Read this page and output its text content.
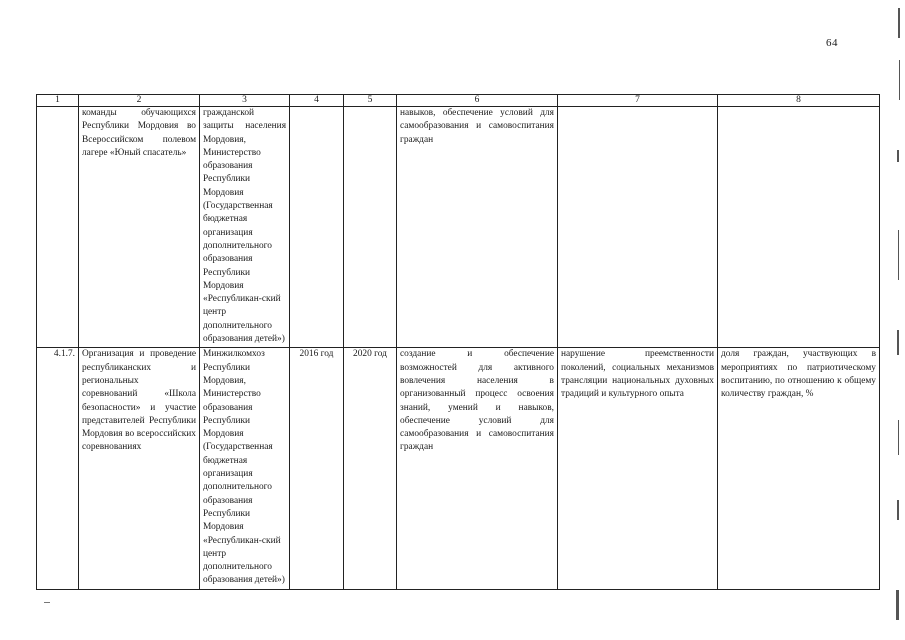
64
1	2	3	4	5	6	7	8
	команды обучающихся Республики Мордовия во Всероссийском полевом лагере «Юный спасатель»	гражданской защиты населения Мордовия, Министерство образования Республики Мордовия (Государственная бюджетная организация дополнительного образования Республики Мордовия «Республикан-ский центр дополнительного образования детей»)			навыков, обеспечение условий для самообразования и самовоспитания граждан		
4.1.7.	Организация и проведение республиканских и региональных соревнований «Школа безопасности» и участие представителей Республики Мордовия во всероссийских соревнованиях	Минжилкомхоз Республики Мордовия, Министерство образования Республики Мордовия (Государственная бюджетная организация дополнительного образования Республики Мордовия «Республикан-ский центр дополнительного образования детей»)	2016 год	2020 год	создание и обеспечение возможностей для активного вовлечения населения в организованный процесс освоения знаний, умений и навыков, обеспечение условий для самообразования и самовоспитания граждан	нарушение преемственности поколений, социальных механизмов трансляции национальных духовных традиций и культурного опыта	доля граждан, участвующих в мероприятиях по патриотическому воспитанию, по отношению к общему количеству граждан, %
